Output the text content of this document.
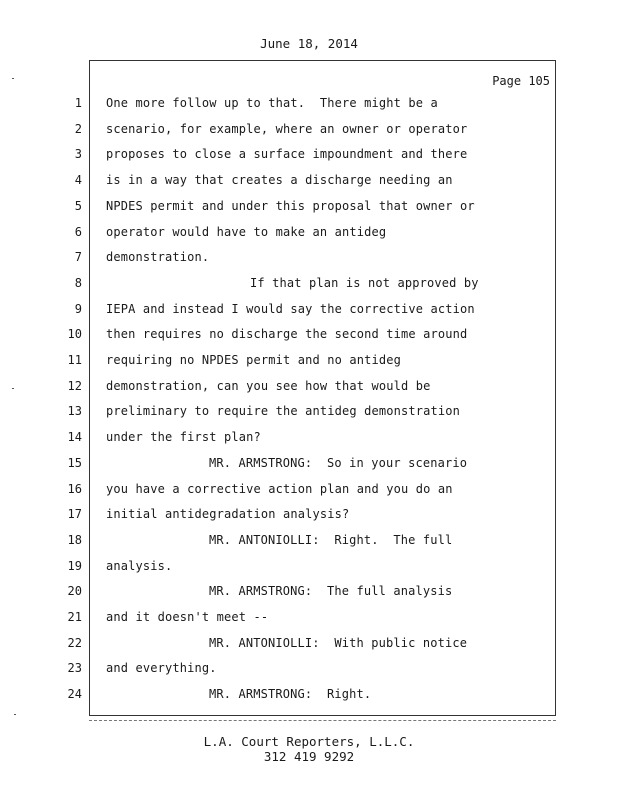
June 18, 2014
Page 105
1 One more follow up to that.  There might be a
2 scenario, for example, where an owner or operator
3 proposes to close a surface impoundment and there
4 is in a way that creates a discharge needing an
5 NPDES permit and under this proposal that owner or
6 operator would have to make an antideg
7 demonstration.
8	If that plan is not approved by
9 IEPA and instead I would say the corrective action
10 then requires no discharge the second time around
11 requiring no NPDES permit and no antideg
12 demonstration, can you see how that would be
13 preliminary to require the antideg demonstration
14 under the first plan?
15	MR. ARMSTRONG:  So in your scenario
16 you have a corrective action plan and you do an
17 initial antidegradation analysis?
18	MR. ANTONIOLLI:  Right.  The full
19 analysis.
20	MR. ARMSTRONG:  The full analysis
21 and it doesn't meet --
22	MR. ANTONIOLLI:  With public notice
23 and everything.
24	MR. ARMSTRONG:  Right.
L.A. Court Reporters, L.L.C.
312 419 9292
